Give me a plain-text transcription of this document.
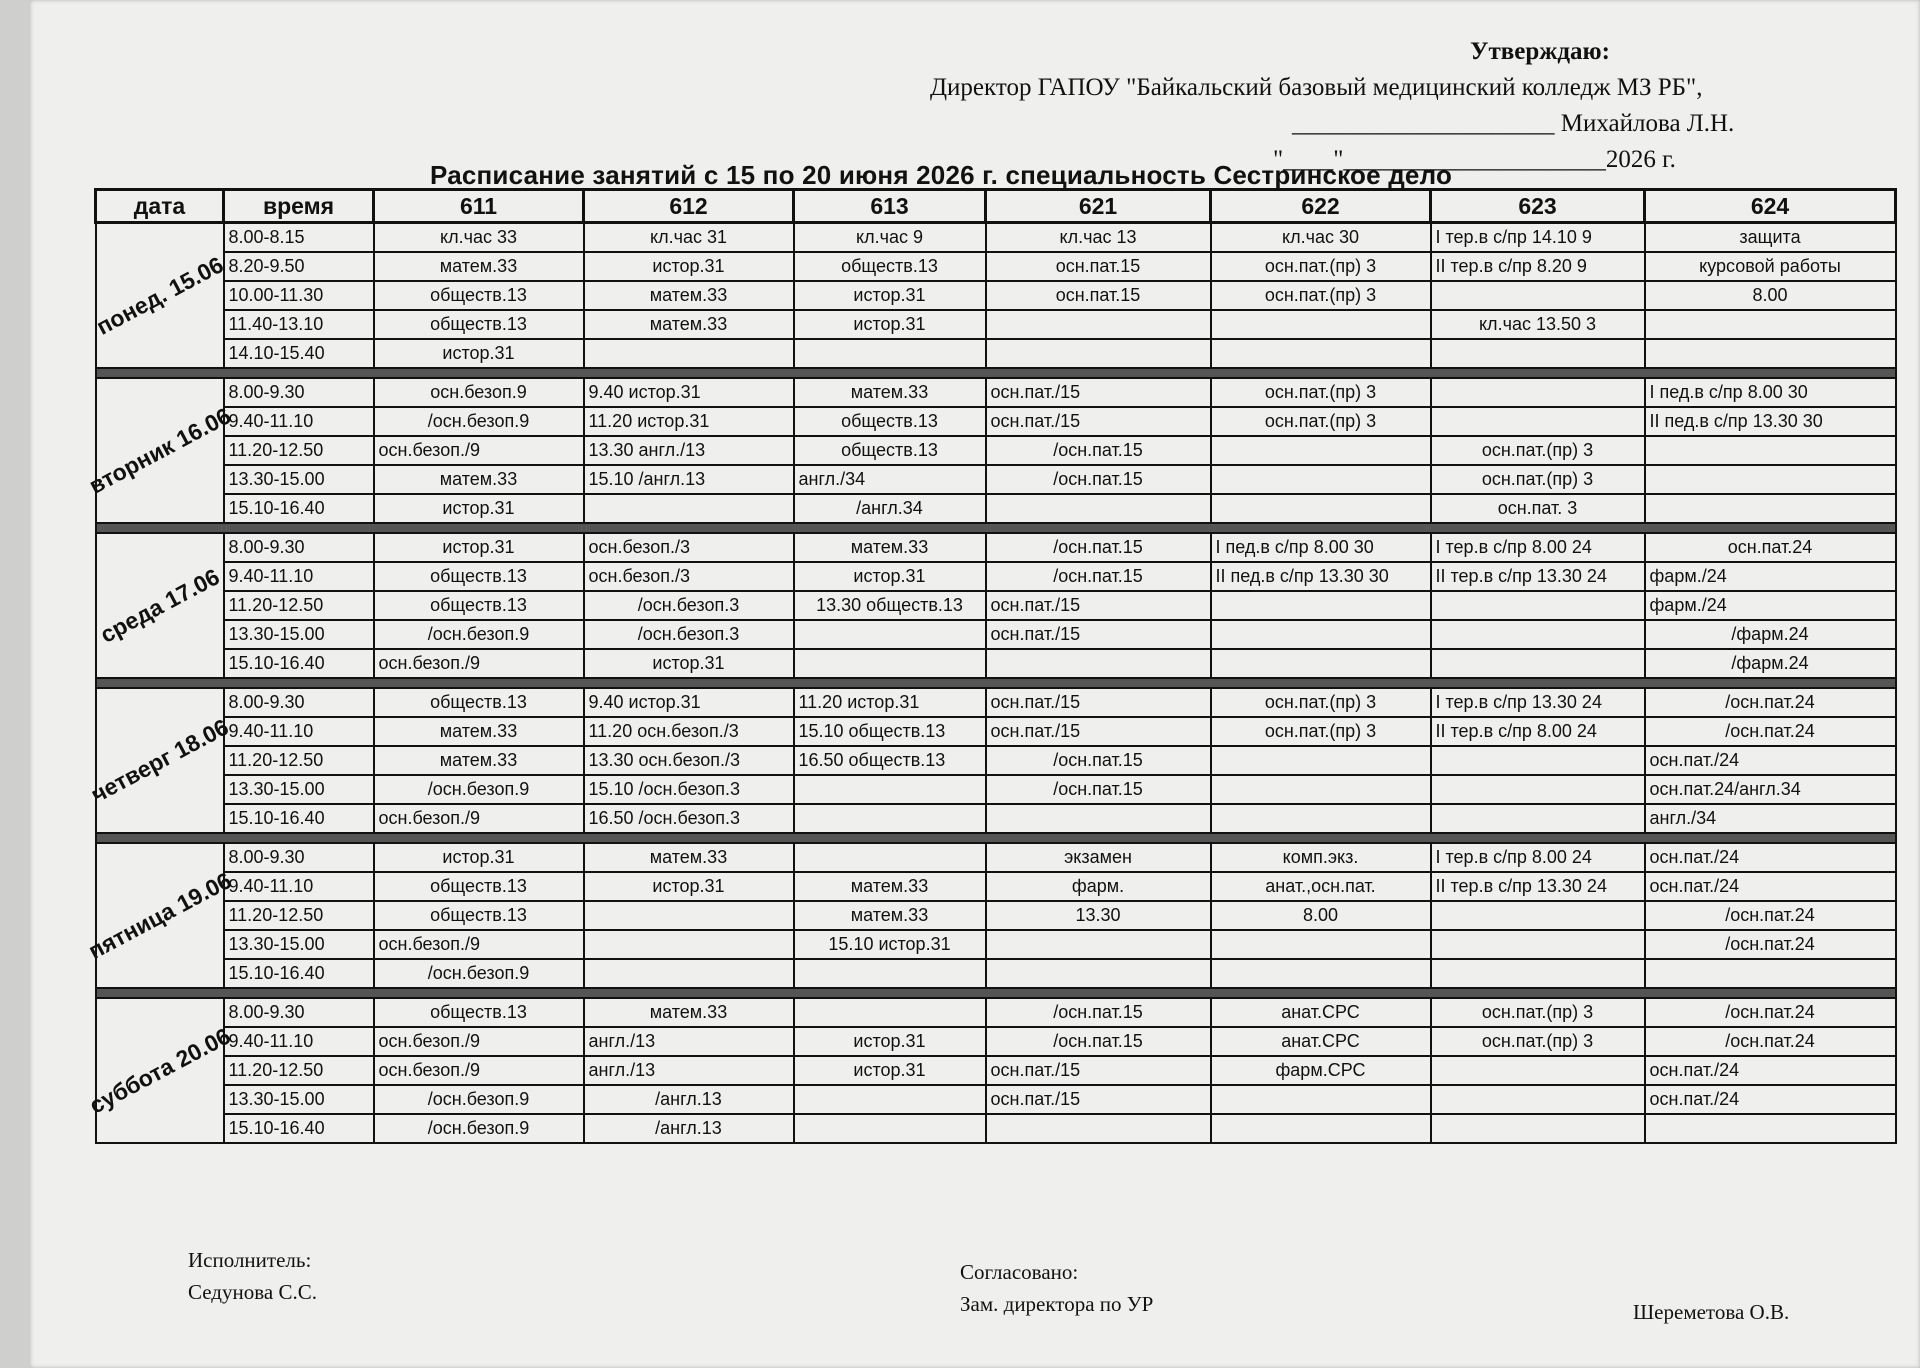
Утверждаю:
Директор ГАПОУ "Байкальский базовый медицинский колледж МЗ РБ",
_____________________ Михайлова Л.Н.
"____"_____________________2026 г.
Расписание занятий с 15 по 20 июня 2026 г. специальность Сестринское дело
дата	время	611	612	613	621	622	623	624

понед. 15.06	8.00-8.15	кл.час 33	кл.час 31	кл.час 9	кл.час 13	кл.час 30	I тер.в с/пр 14.10 9	защита
	8.20-9.50	матем.33	истор.31	обществ.13	осн.пат.15	осн.пат.(пр) 3	II тер.в с/пр 8.20 9	курсовой работы
	10.00-11.30	обществ.13	матем.33	истор.31	осн.пат.15	осн.пат.(пр) 3		8.00
	11.40-13.10	обществ.13	матем.33	истор.31			кл.час 13.50 3	
	14.10-15.40	истор.31						

вторник 16.06	8.00-9.30	осн.безоп.9	9.40 истор.31	матем.33	осн.пат./15	осн.пат.(пр) 3		I пед.в с/пр 8.00 30
	9.40-11.10	/осн.безоп.9	11.20 истор.31	обществ.13	осн.пат./15	осн.пат.(пр) 3		II пед.в с/пр 13.30 30
	11.20-12.50	осн.безоп./9	13.30 англ./13	обществ.13	/осн.пат.15		осн.пат.(пр) 3	
	13.30-15.00	матем.33	15.10 /англ.13	англ./34	/осн.пат.15		осн.пат.(пр) 3	
	15.10-16.40	истор.31		/англ.34			осн.пат. 3	

среда 17.06	8.00-9.30	истор.31	осн.безоп./3	матем.33	/осн.пат.15	I пед.в с/пр 8.00 30	I тер.в с/пр 8.00 24	осн.пат.24
	9.40-11.10	обществ.13	осн.безоп./3	истор.31	/осн.пат.15	II пед.в с/пр 13.30 30	II тер.в с/пр 13.30 24	фарм./24
	11.20-12.50	обществ.13	/осн.безоп.3	13.30 обществ.13	осн.пат./15			фарм./24
	13.30-15.00	/осн.безоп.9	/осн.безоп.3		осн.пат./15			/фарм.24
	15.10-16.40	осн.безоп./9	истор.31					/фарм.24

четверг 18.06	8.00-9.30	обществ.13	9.40 истор.31	11.20 истор.31	осн.пат./15	осн.пат.(пр) 3	I тер.в с/пр 13.30 24	/осн.пат.24
	9.40-11.10	матем.33	11.20 осн.безоп./3	15.10 обществ.13	осн.пат./15	осн.пат.(пр) 3	II тер.в с/пр 8.00 24	/осн.пат.24
	11.20-12.50	матем.33	13.30 осн.безоп./3	16.50 обществ.13	/осн.пат.15			осн.пат./24
	13.30-15.00	/осн.безоп.9	15.10 /осн.безоп.3		/осн.пат.15			осн.пат.24/англ.34
	15.10-16.40	осн.безоп./9	16.50 /осн.безоп.3					англ./34

пятница 19.06	8.00-9.30	истор.31	матем.33		экзамен	комп.экз.	I тер.в с/пр 8.00 24	осн.пат./24
	9.40-11.10	обществ.13	истор.31	матем.33	фарм.	анат.,осн.пат.	II тер.в с/пр 13.30 24	осн.пат./24
	11.20-12.50	обществ.13		матем.33	13.30	8.00		/осн.пат.24
	13.30-15.00	осн.безоп./9		15.10 истор.31				/осн.пат.24
	15.10-16.40	/осн.безоп.9						

суббота 20.06	8.00-9.30	обществ.13	матем.33		/осн.пат.15	анат.СРС	осн.пат.(пр) 3	/осн.пат.24
	9.40-11.10	осн.безоп./9	англ./13	истор.31	/осн.пат.15	анат.СРС	осн.пат.(пр) 3	/осн.пат.24
	11.20-12.50	осн.безоп./9	англ./13	истор.31	осн.пат./15	фарм.СРС		осн.пат./24
	13.30-15.00	/осн.безоп.9	/англ.13		осн.пат./15			осн.пат./24
	15.10-16.40	/осн.безоп.9	/англ.13					
Исполнитель:
Седунова С.С.
Согласовано:
Зам. директора по УР	Шереметова О.В.
